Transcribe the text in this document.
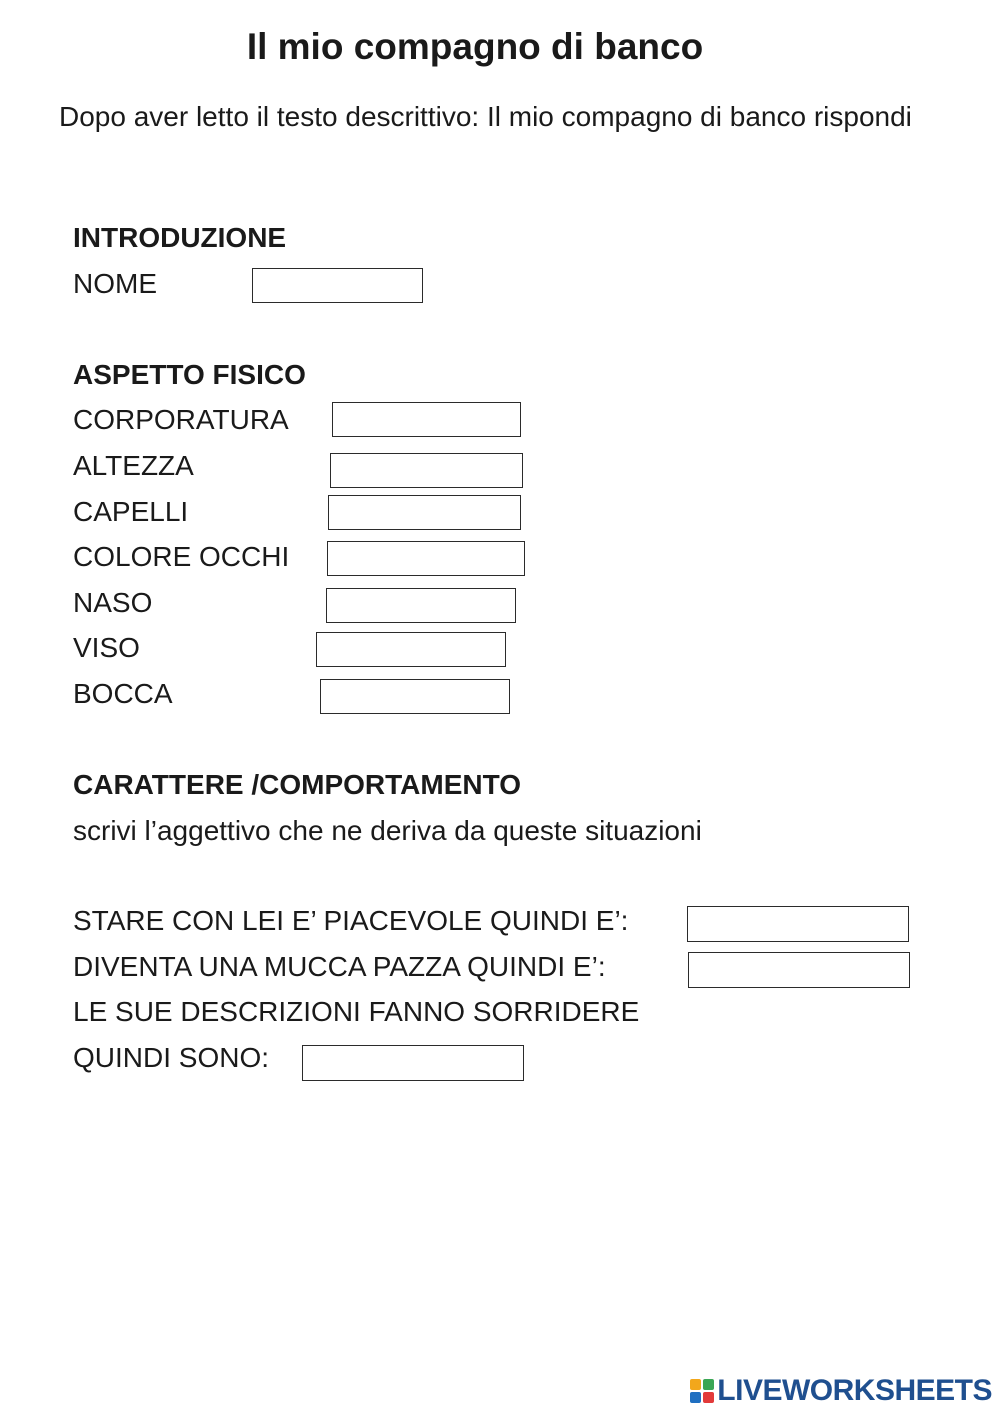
Il mio compagno di banco
Dopo aver letto il testo descrittivo: Il mio compagno di banco rispondi
INTRODUZIONE
NOME
ASPETTO FISICO
CORPORATURA
ALTEZZA
CAPELLI
COLORE OCCHI
NASO
VISO
BOCCA
CARATTERE /COMPORTAMENTO
scrivi l’aggettivo che ne deriva da queste situazioni
STARE CON LEI E’ PIACEVOLE QUINDI E’:
DIVENTA UNA MUCCA PAZZA QUINDI E’:
LE SUE DESCRIZIONI FANNO SORRIDERE
QUINDI SONO:
LIVEWORKSHEETS
